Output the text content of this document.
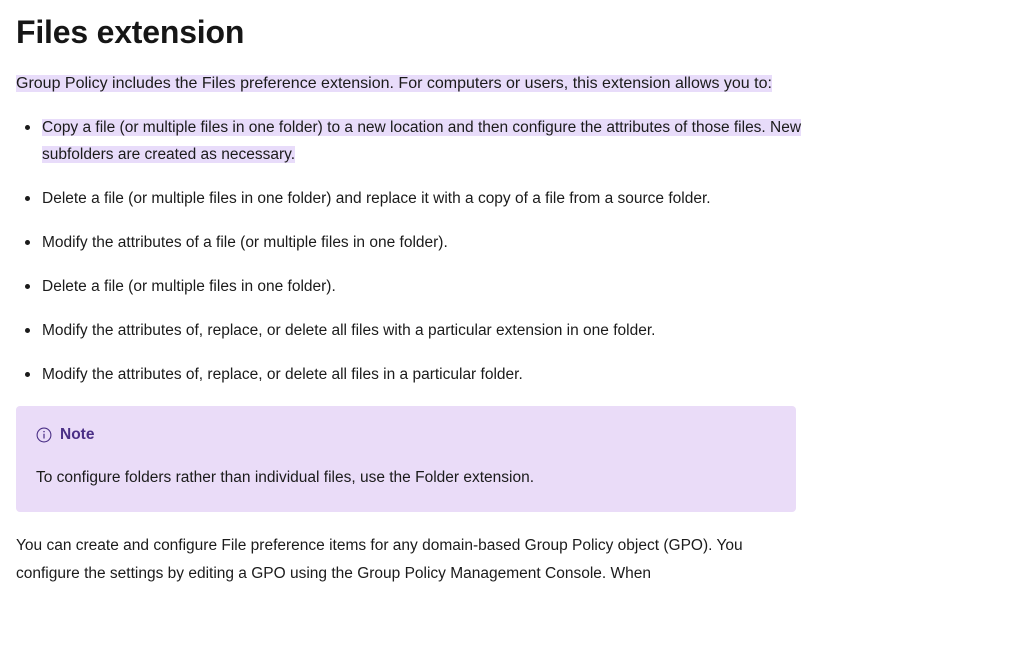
Files extension

Group Policy includes the Files preference extension. For computers or users, this extension allows you to:

Copy a file (or multiple files in one folder) to a new location and then configure the attributes of those files. New subfolders are created as necessary.
Delete a file (or multiple files in one folder) and replace it with a copy of a file from a source folder.
Modify the attributes of a file (or multiple files in one folder).
Delete a file (or multiple files in one folder).
Modify the attributes of, replace, or delete all files with a particular extension in one folder.
Modify the attributes of, replace, or delete all files in a particular folder.
Note
To configure folders rather than individual files, use the Folder extension.

You can create and configure File preference items for any domain-based Group Policy object (GPO). You configure the settings by editing a GPO using the Group Policy Management Console. When
